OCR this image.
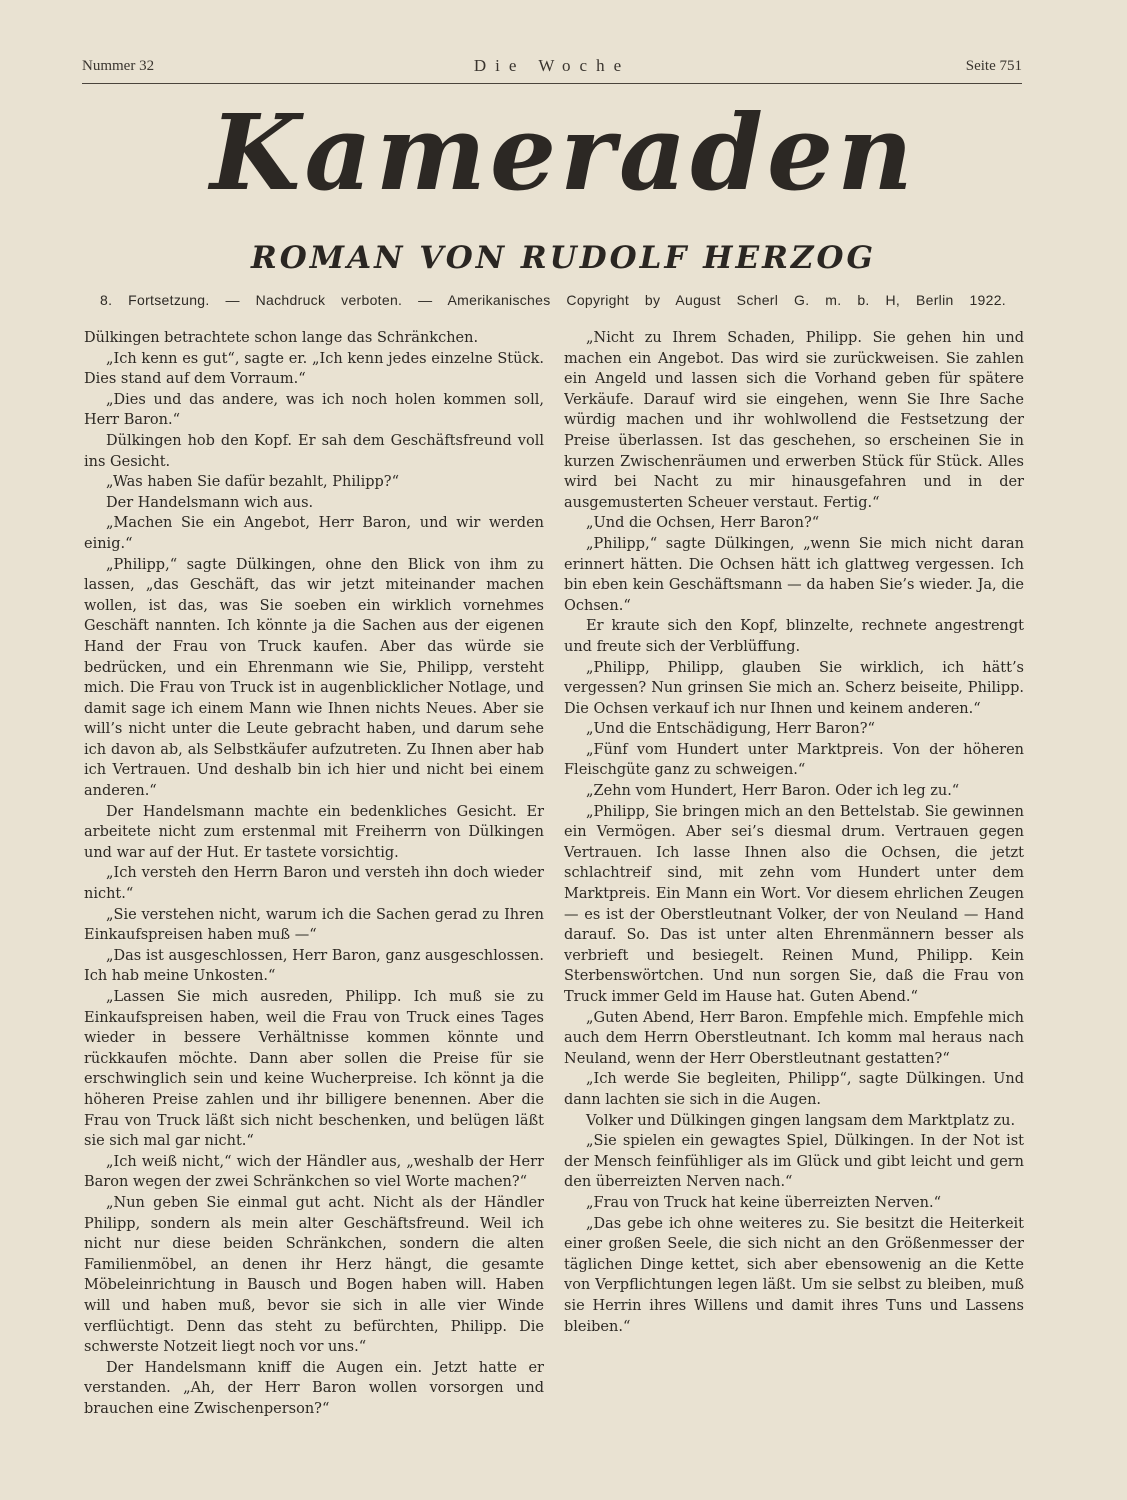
Nummer 32	Die Woche	Seite 751
Kameraden
ROMAN VON RUDOLF HERZOG
8. Fortsetzung. — Nachdruck verboten. — Amerikanisches Copyright by August Scherl G. m. b. H, Berlin 1922.

Dülkingen betrachtete schon lange das Schränkchen.

„Ich kenn es gut“, sagte er. „Ich kenn jedes einzelne Stück. Dies stand auf dem Vorraum.“

„Dies und das andere, was ich noch holen kommen soll, Herr Baron.“

Dülkingen hob den Kopf. Er sah dem Geschäftsfreund voll ins Gesicht.

„Was haben Sie dafür bezahlt, Philipp?“

Der Handelsmann wich aus.

„Machen Sie ein Angebot, Herr Baron, und wir werden einig.“

„Philipp,“ sagte Dülkingen, ohne den Blick von ihm zu lassen, „das Geschäft, das wir jetzt miteinander machen wollen, ist das, was Sie soeben ein wirklich vornehmes Geschäft nannten. Ich könnte ja die Sachen aus der eigenen Hand der Frau von Truck kaufen. Aber das würde sie bedrücken, und ein Ehrenmann wie Sie, Philipp, versteht mich. Die Frau von Truck ist in augenblicklicher Notlage, und damit sage ich einem Mann wie Ihnen nichts Neues. Aber sie will’s nicht unter die Leute gebracht haben, und darum sehe ich davon ab, als Selbstkäufer aufzutreten. Zu Ihnen aber hab ich Vertrauen. Und deshalb bin ich hier und nicht bei einem anderen.“

Der Handelsmann machte ein bedenkliches Gesicht. Er arbeitete nicht zum erstenmal mit Freiherrn von Dülkingen und war auf der Hut. Er tastete vorsichtig.

„Ich versteh den Herrn Baron und versteh ihn doch wieder nicht.“

„Sie verstehen nicht, warum ich die Sachen gerad zu Ihren Einkaufspreisen haben muß —“

„Das ist ausgeschlossen, Herr Baron, ganz ausgeschlossen. Ich hab meine Unkosten.“

„Lassen Sie mich ausreden, Philipp. Ich muß sie zu Einkaufspreisen haben, weil die Frau von Truck eines Tages wieder in bessere Verhältnisse kommen könnte und rückkaufen möchte. Dann aber sollen die Preise für sie erschwinglich sein und keine Wucherpreise. Ich könnt ja die höheren Preise zahlen und ihr billigere benennen. Aber die Frau von Truck läßt sich nicht beschenken, und belügen läßt sie sich mal gar nicht.“

„Ich weiß nicht,“ wich der Händler aus, „weshalb der Herr Baron wegen der zwei Schränkchen so viel Worte machen?“

„Nun geben Sie einmal gut acht. Nicht als der Händler Philipp, sondern als mein alter Geschäftsfreund. Weil ich nicht nur diese beiden Schränkchen, sondern die alten Familienmöbel, an denen ihr Herz hängt, die gesamte Möbeleinrichtung in Bausch und Bogen haben will. Haben will und haben muß, bevor sie sich in alle vier Winde verflüchtigt. Denn das steht zu befürchten, Philipp. Die schwerste Notzeit liegt noch vor uns.“

Der Handelsmann kniff die Augen ein. Jetzt hatte er verstanden. „Ah, der Herr Baron wollen vorsorgen und brauchen eine Zwischenperson?“

„Nicht zu Ihrem Schaden, Philipp. Sie gehen hin und machen ein Angebot. Das wird sie zurückweisen. Sie zahlen ein Angeld und lassen sich die Vorhand geben für spätere Verkäufe. Darauf wird sie eingehen, wenn Sie Ihre Sache würdig machen und ihr wohlwollend die Festsetzung der Preise überlassen. Ist das geschehen, so erscheinen Sie in kurzen Zwischenräumen und erwerben Stück für Stück. Alles wird bei Nacht zu mir hinausgefahren und in der ausgemusterten Scheuer verstaut. Fertig.“

„Und die Ochsen, Herr Baron?“

„Philipp,“ sagte Dülkingen, „wenn Sie mich nicht daran erinnert hätten. Die Ochsen hätt ich glattweg vergessen. Ich bin eben kein Geschäftsmann — da haben Sie’s wieder. Ja, die Ochsen.“

Er kraute sich den Kopf, blinzelte, rechnete angestrengt und freute sich der Verblüffung.

„Philipp, Philipp, glauben Sie wirklich, ich hätt’s vergessen? Nun grinsen Sie mich an. Scherz beiseite, Philipp. Die Ochsen verkauf ich nur Ihnen und keinem anderen.“

„Und die Entschädigung, Herr Baron?“

„Fünf vom Hundert unter Marktpreis. Von der höheren Fleischgüte ganz zu schweigen.“

„Zehn vom Hundert, Herr Baron. Oder ich leg zu.“

„Philipp, Sie bringen mich an den Bettelstab. Sie gewinnen ein Vermögen. Aber sei’s diesmal drum. Vertrauen gegen Vertrauen. Ich lasse Ihnen also die Ochsen, die jetzt schlachtreif sind, mit zehn vom Hundert unter dem Marktpreis. Ein Mann ein Wort. Vor diesem ehrlichen Zeugen — es ist der Oberstleutnant Volker, der von Neuland — Hand darauf. So. Das ist unter alten Ehrenmännern besser als verbrieft und besiegelt. Reinen Mund, Philipp. Kein Sterbenswörtchen. Und nun sorgen Sie, daß die Frau von Truck immer Geld im Hause hat. Guten Abend.“

„Guten Abend, Herr Baron. Empfehle mich. Empfehle mich auch dem Herrn Oberstleutnant. Ich komm mal heraus nach Neuland, wenn der Herr Oberstleutnant gestatten?“

„Ich werde Sie begleiten, Philipp“, sagte Dülkingen. Und dann lachten sie sich in die Augen.

Volker und Dülkingen gingen langsam dem Marktplatz zu.

„Sie spielen ein gewagtes Spiel, Dülkingen. In der Not ist der Mensch feinfühliger als im Glück und gibt leicht und gern den überreizten Nerven nach.“

„Frau von Truck hat keine überreizten Nerven.“

„Das gebe ich ohne weiteres zu. Sie besitzt die Heiterkeit einer großen Seele, die sich nicht an den Größenmesser der täglichen Dinge kettet, sich aber ebensowenig an die Kette von Verpflichtungen legen läßt. Um sie selbst zu bleiben, muß sie Herrin ihres Willens und damit ihres Tuns und Lassens bleiben.“
